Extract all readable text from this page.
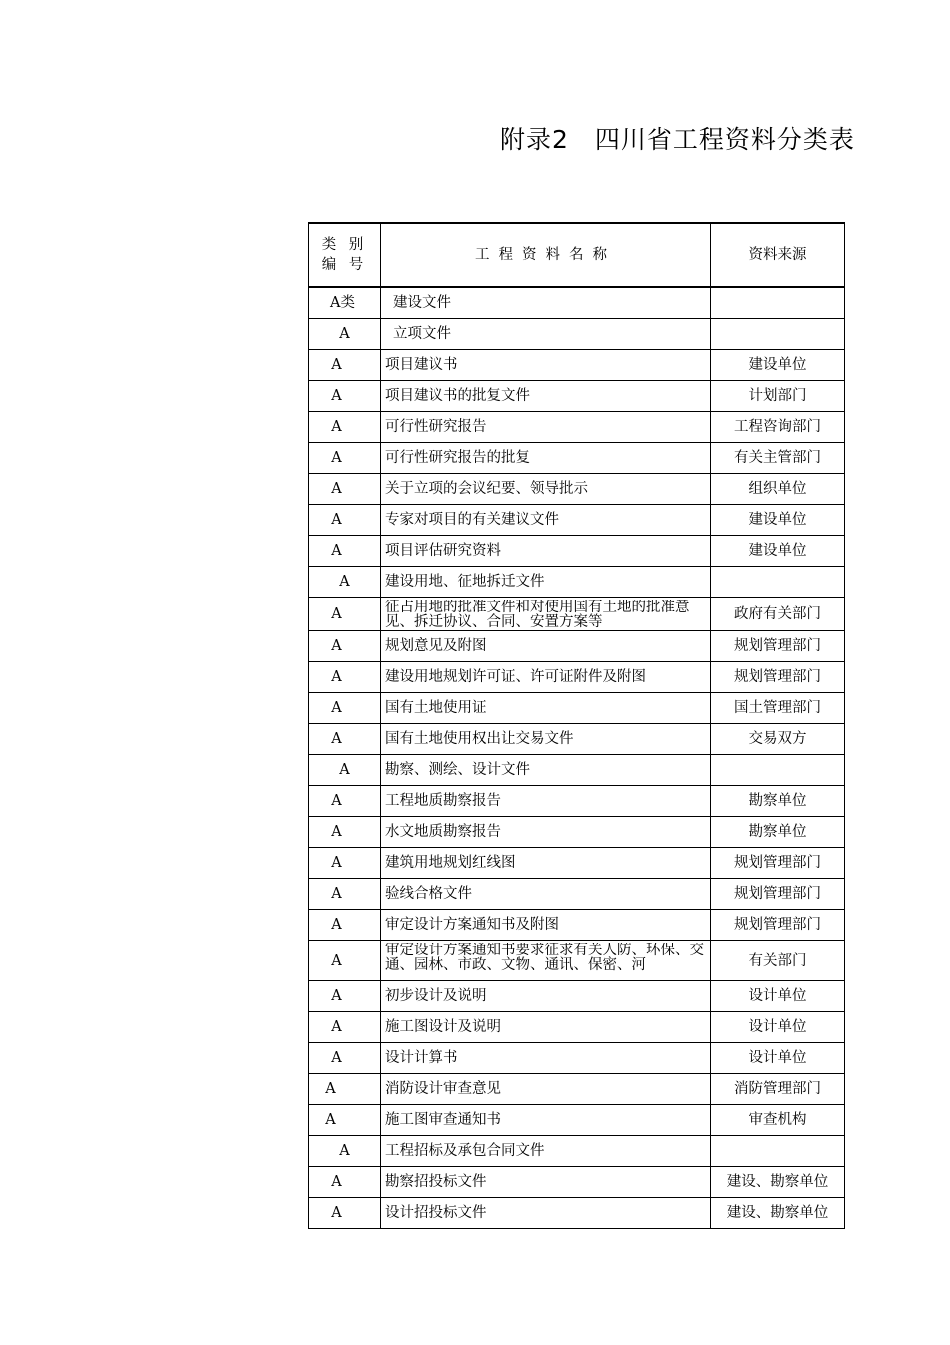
附录2　四川省工程资料分类表
类 别
编 号	工程资料名称	资料来源
A类	建设文件	
A	立项文件	
A	项目建议书	建设单位
A	项目建议书的批复文件	计划部门
A	可行性研究报告	工程咨询部门
A	可行性研究报告的批复	有关主管部门
A	关于立项的会议纪要、领导批示	组织单位
A	专家对项目的有关建议文件	建设单位
A	项目评估研究资料	建设单位
A	建设用地、征地拆迁文件	
A	征占用地的批准文件和对使用国有土地的批准意见、拆迁协议、合同、安置方案等	政府有关部门
A	规划意见及附图	规划管理部门
A	建设用地规划许可证、许可证附件及附图	规划管理部门
A	国有土地使用证	国土管理部门
A	国有土地使用权出让交易文件	交易双方
A	勘察、测绘、设计文件	
A	工程地质勘察报告	勘察单位
A	水文地质勘察报告	勘察单位
A	建筑用地规划红线图	规划管理部门
A	验线合格文件	规划管理部门
A	审定设计方案通知书及附图	规划管理部门
A	审定设计方案通知书要求征求有关人防、环保、交通、园林、市政、文物、通讯、保密、河	有关部门
A	初步设计及说明	设计单位
A	施工图设计及说明	设计单位
A	设计计算书	设计单位
A	消防设计审查意见	消防管理部门
A	施工图审查通知书	审查机构
A	工程招标及承包合同文件	
A	勘察招投标文件	建设、勘察单位
A	设计招投标文件	建设、勘察单位
